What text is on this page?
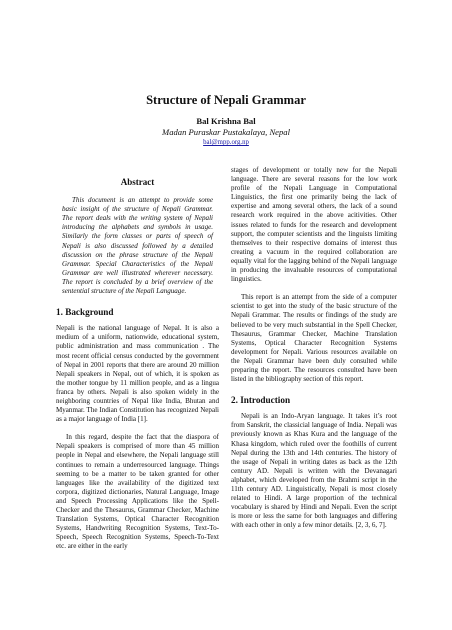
Structure of Nepali Grammar
Bal Krishna Bal
Madan Puraskar Pustakalaya, Nepal
bal@mpp.org.np
Abstract
This document is an attempt to provide some basic insight of the structure of Nepali Grammar. The report deals with the writing system of Nepali introducing the alphabets and symbols in usage. Similarly the form classes or parts of speech of Nepali is also discussed followed by a detailed discussion on the phrase structure of the Nepali Grammar. Special Characteristics of the Nepali Grammar are well illustrated wherever necessary. The report is concluded by a brief overview of the sentential structure of the Nepali Language.
1. Background

Nepali is the national language of Nepal. It is also a medium of a uniform, nationwide, educational system, public administration and mass communication . The most recent official census conducted by the government of Nepal in 2001 reports that there are around 20 million Nepali speakers in Nepal, out of which, it is spoken as the mother tongue by 11 million people, and as a lingua franca by others. Nepali is also spoken widely in the neighboring countries of Nepal like India, Bhutan and Myanmar. The Indian Constitution has recognized Nepali as a major language of India [1].

In this regard, despite the fact that the diaspora of Nepali speakers is comprised of more than 45 million people in Nepal and elsewhere, the Nepali language still continues to remain a underresourced language. Things seeming to be a matter to be taken granted for other languages like the availability of the digitized text corpora, digitized dictionaries, Natural Language, Image and Speech Processing Applications like the Spell-Checker and the Thesaurus, Grammar Checker, Machine Translation Systems, Optical Character Recognition Systems, Handwriting Recognition Systems, Text-To-Speech, Speech Recognition Systems, Speech-To-Text etc. are either in the early

stages of development or totally new for the Nepali language. There are several reasons for the low work profile of the Nepali Language in Computational Linguistics, the first one primarily being the lack of expertise and among several others, the lack of a sound research work required in the above acitivities. Other issues related to funds for the research and development support, the computer scientists and the linguists limiting themselves to their respective domains of interest thus creating a vacuum in the required collaboration are equally vital for the lagging behind of the Nepali language in producing the invaluable resources of computational linguistics.

This report is an attempt from the side of a computer scientist to get into the study of the basic structure of the Nepali Grammar. The results or findings of the study are believed to be very much substantial in the Spell Checker, Thesaurus, Grammar Checker, Machine Translation Systems, Optical Character Recognition Systems development for Nepali. Various resources available on the Nepali Grammar have been duly consulted while preparing the report. The resources consulted have been listed in the bibliography section of this report.

2. Introduction

Nepali is an Indo-Aryan language. It takes it’s root from Sanskrit, the classicial language of India. Nepali was previously known as Khas Kura and the language of the Khasa kingdom, which ruled over the foothills of current Nepal during the 13th and 14th centuries. The history of the usage of Nepali in writing dates as back as the 12th century AD. Nepali is written with the Devanagari alphabet, which developed from the Brahmi script in the 11th century AD. Linguistically, Nepali is most closely related to Hindi. A large proportion of the technical vocabulary is shared by Hindi and Nepali. Even the script is more or less the same for both languages and differing with each other in only a few minor details. [2, 3, 6, 7].
